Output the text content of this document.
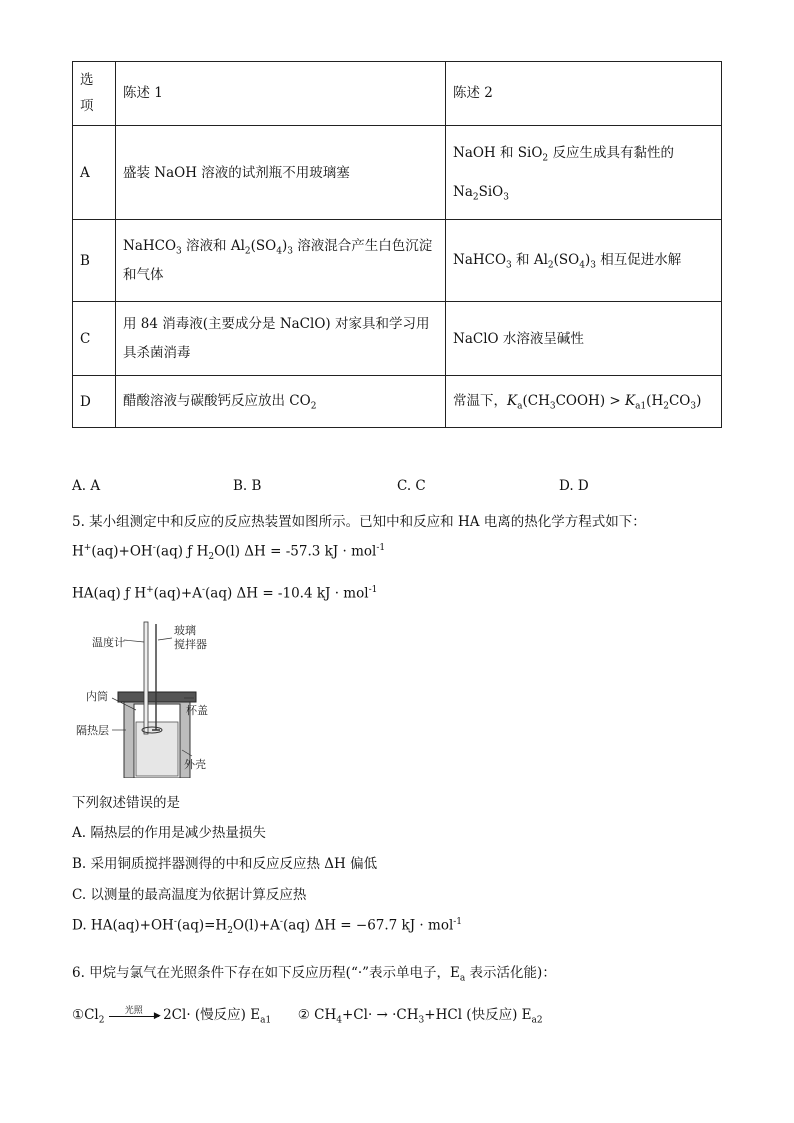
选
项	陈述 1	陈述 2
A	盛装 NaOH 溶液的试剂瓶不用玻璃塞	NaOH 和 SiO$_2$ 反应生成具有黏性的
$Na_2SiO_3$
B	NaHCO$_3$ 溶液和 $Al_2(SO_4)_3$ 溶液混合产生白色沉淀和气体	NaHCO$_3$ 和 $Al_2(SO_4)_3$ 相互促进水解
C	用 84 消毒液(主要成分是 NaClO) 对家具和学习用具杀菌消毒	NaClO 水溶液呈碱性
D	醋酸溶液与碳酸钙反应放出 $CO_2$	常温下，$K_a(CH_3COOH) > K_{a1}(H_2CO_3)$
A. A	B. B	C. C	D. D
5. 某小组测定中和反应的反应热装置如图所示。已知中和反应和 HA 电离的热化学方程式如下：
H+(aq)+OH-(aq) ƒ $H_2O(l) \Delta H = -57.3$ kJ · mol$^{-1}$
HA(aq) ƒ H+(aq)+A-(aq) ΔH = -10.4 kJ · mol$^{-1}$
温度计
玻璃
搅拌器
内筒
杯盖
隔热层
外壳
下列叙述错误的是
A. 隔热层的作用是减少热量损失
B. 采用铜质搅拌器测得的中和反应反应热 ΔH 偏低
C. 以测量的最高温度为依据计算反应热
D. $HA(aq)+OH^-(aq)=H_2O(l)+A^-(aq) \Delta H = -67.7$ kJ · mol$^{-1}$
6. 甲烷与氯气在光照条件下存在如下反应历程(“·”表示单电子，$E_a$ 表示活化能)：
$①Cl_2$
光照	▶ 2Cl· (慢反应) $E_{a1}$ ② $CH_4+Cl\cdot \to \cdot CH_3+HCl$ (快反应) $E_{a2}$
